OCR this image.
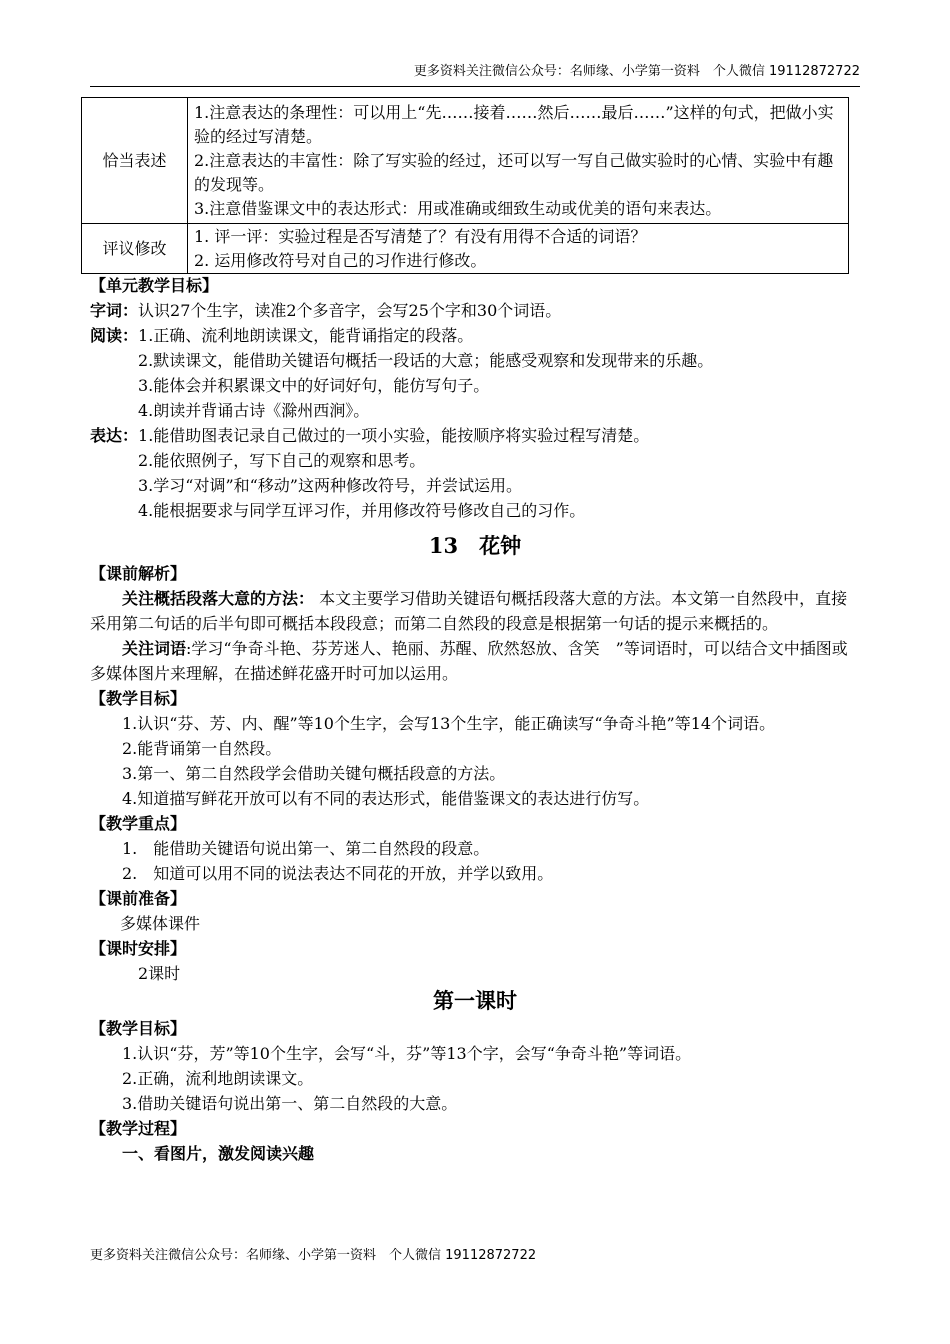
更多资料关注微信公众号：名师缘、小学第一资料　个人微信 19112872722
恰当表述	1.注意表达的条理性：可以用上“先……接着……然后……最后……”这样的句式，把做小实验的经过写清楚。
2.注意表达的丰富性：除了写实验的经过，还可以写一写自己做实验时的心情、实验中有趣的发现等。
3.注意借鉴课文中的表达形式：用或准确或细致生动或优美的语句来表达。

评议修改	1. 评一评：实验过程是否写清楚了？有没有用得不合适的词语？
2. 运用修改符号对自己的习作进行修改。
【单元教学目标】
字词：认识27个生字，读准2个多音字，会写25个字和30个词语。
阅读：1.正确、流利地朗读课文，能背诵指定的段落。
2.默读课文，能借助关键语句概括一段话的大意；能感受观察和发现带来的乐趣。
3.能体会并积累课文中的好词好句，能仿写句子。
4.朗读并背诵古诗《滁州西涧》。
表达：1.能借助图表记录自己做过的一项小实验，能按顺序将实验过程写清楚。
2.能依照例子，写下自己的观察和思考。
3.学习“对调”和“移动”这两种修改符号，并尝试运用。
4.能根据要求与同学互评习作，并用修改符号修改自己的习作。
13　花钟
【课前解析】
关注概括段落大意的方法： 本文主要学习借助关键语句概括段落大意的方法。本文第一自然段中，直接采用第二句话的后半句即可概括本段段意；而第二自然段的段意是根据第一句话的提示来概括的。
关注词语:学习“争奇斗艳、芬芳迷人、艳丽、苏醒、欣然怒放、含笑　”等词语时，可以结合文中插图或多媒体图片来理解，在描述鲜花盛开时可加以运用。
【教学目标】
1.认识“芬、芳、内、醒”等10个生字，会写13个生字，能正确读写“争奇斗艳”等14个词语。
2.能背诵第一自然段。
3.第一、第二自然段学会借助关键句概括段意的方法。
4.知道描写鲜花开放可以有不同的表达形式，能借鉴课文的表达进行仿写。
【教学重点】
1.　能借助关键语句说出第一、第二自然段的段意。
2.　知道可以用不同的说法表达不同花的开放，并学以致用。
【课前准备】
多媒体课件
【课时安排】
2课时
第一课时
【教学目标】
1.认识“芬，芳”等10个生字，会写“斗，芬”等13个字，会写“争奇斗艳”等词语。
2.正确，流利地朗读课文。
3.借助关键语句说出第一、第二自然段的大意。
【教学过程】
一、看图片，激发阅读兴趣
更多资料关注微信公众号：名师缘、小学第一资料　个人微信 19112872722
